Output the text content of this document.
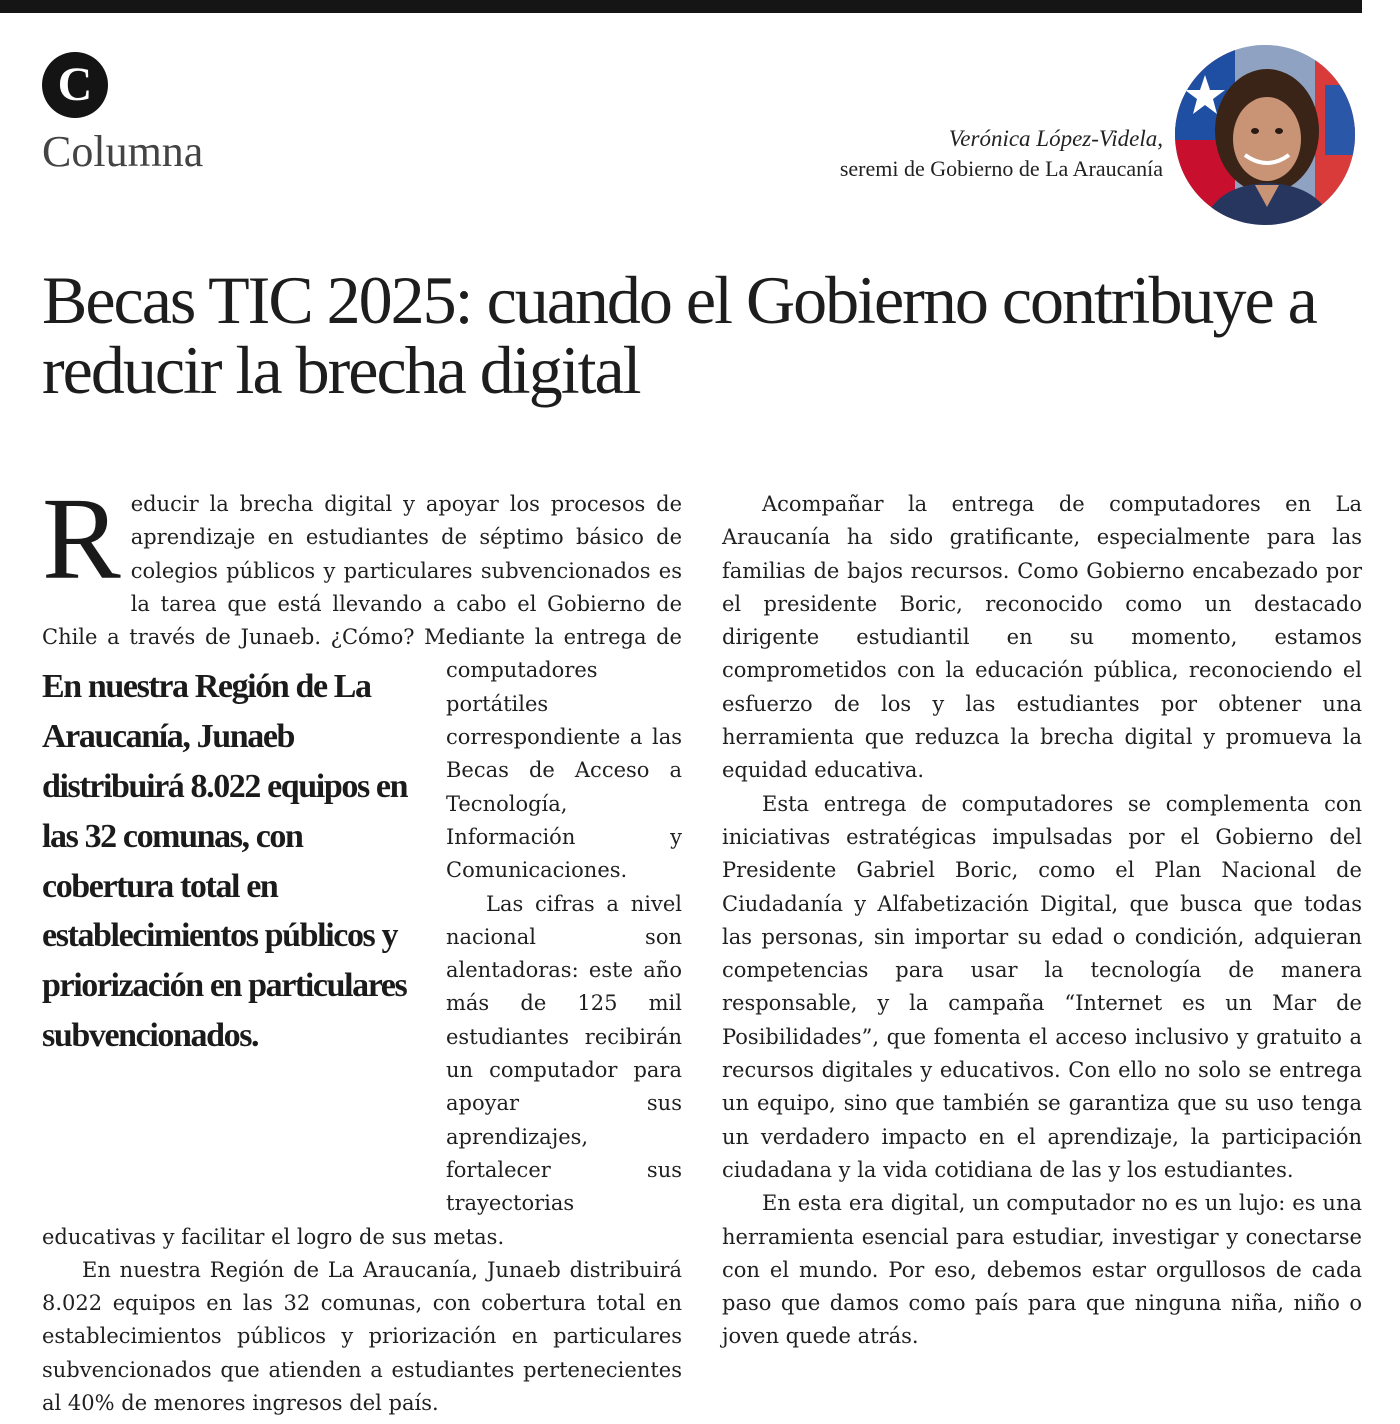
C
Columna	Verónica López-Videla,
seremi de Gobierno de La Araucanía
Becas TIC 2025: cuando el Gobierno contribuye a reducir la brecha digital

Reducir la brecha digital y apoyar los procesos de aprendizaje en estudiantes de séptimo básico de colegios públicos y particulares subvencionados es la tarea que está llevando a cabo el Gobierno de Chile a través de Junaeb. ¿Cómo? Mediante la entrega de

En nuestra Región de La Araucanía, Junaeb distribuirá 8.022 equipos en las 32 comunas, con cobertura total en establecimientos públicos y priorización en particulares subvencionados.

computadores portátiles correspondiente a las Becas de Acceso a Tecnología, Información y Comunicaciones.

Las cifras a nivel nacional son alentadoras: este año más de 125 mil estudiantes recibirán un computador para apoyar sus aprendizajes, fortalecer sus trayectorias educativas y facilitar el logro de sus metas.

En nuestra Región de La Araucanía, Junaeb distribuirá 8.022 equipos en las 32 comunas, con cobertura total en establecimientos públicos y priorización en particulares subvencionados que atienden a estudiantes pertenecientes al 40% de menores ingresos del país.

Acompañar la entrega de computadores en La Araucanía ha sido gratificante, especialmente para las familias de bajos recursos. Como Gobierno encabezado por el presidente Boric, reconocido como un destacado dirigente estudiantil en su momento, estamos comprometidos con la educación pública, reconociendo el esfuerzo de los y las estudiantes por obtener una herramienta que reduzca la brecha digital y promueva la equidad educativa.

Esta entrega de computadores se complementa con iniciativas estratégicas impulsadas por el Gobierno del Presidente Gabriel Boric, como el Plan Nacional de Ciudadanía y Alfabetización Digital, que busca que todas las personas, sin importar su edad o condición, adquieran competencias para usar la tecnología de manera responsable, y la campaña “Internet es un Mar de Posibilidades”, que fomenta el acceso inclusivo y gratuito a recursos digitales y educativos. Con ello no solo se entrega un equipo, sino que también se garantiza que su uso tenga un verdadero impacto en el aprendizaje, la participación ciudadana y la vida cotidiana de las y los estudiantes.

En esta era digital, un computador no es un lujo: es una herramienta esencial para estudiar, investigar y conectarse con el mundo. Por eso, debemos estar orgullosos de cada paso que damos como país para que ninguna niña, niño o joven quede atrás.
